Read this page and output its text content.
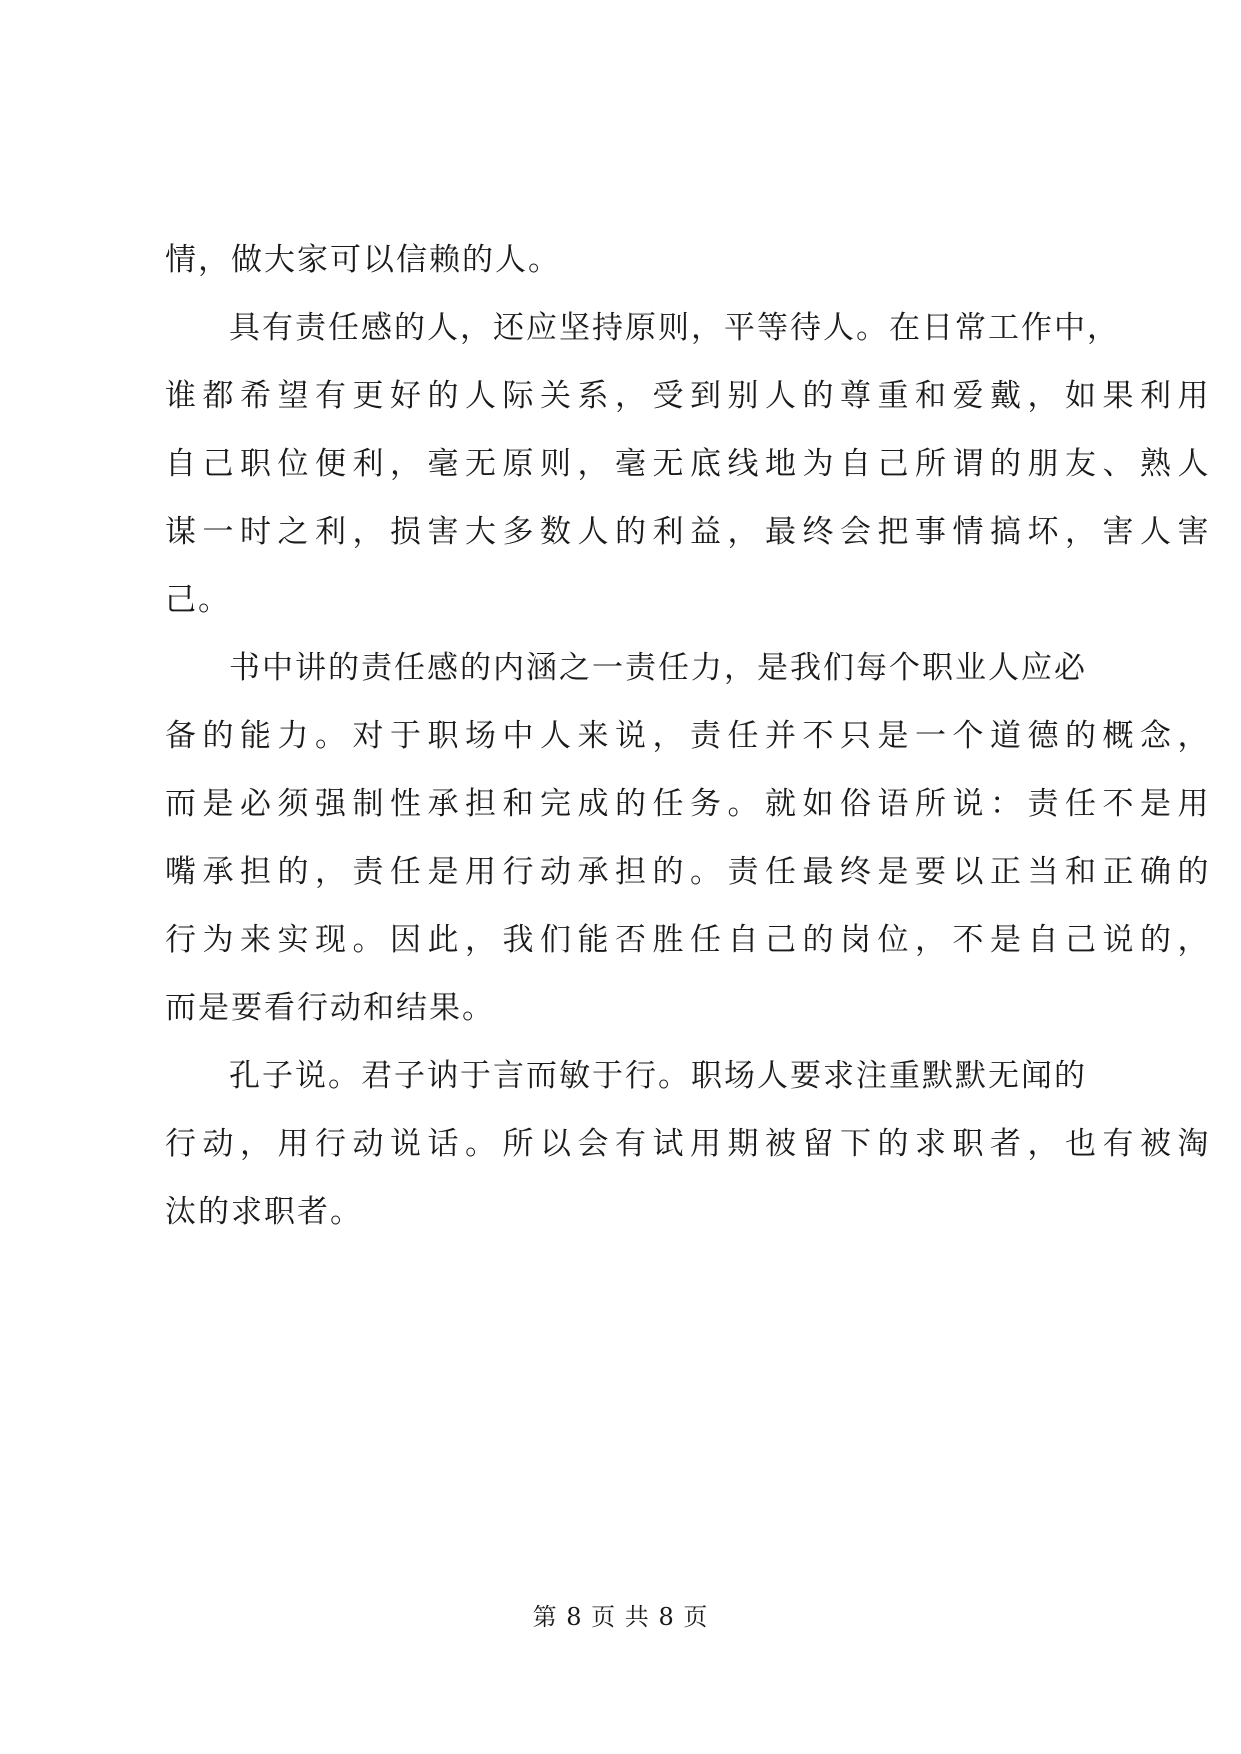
情，做大家可以信赖的人。
具有责任感的人，还应坚持原则，平等待人。在日常工作中，
谁都希望有更好的人际关系，受到别人的尊重和爱戴，如果利用
自己职位便利，毫无原则，毫无底线地为自己所谓的朋友、熟人
谋一时之利，损害大多数人的利益，最终会把事情搞坏，害人害
己。
书中讲的责任感的内涵之一责任力，是我们每个职业人应必
备的能力。对于职场中人来说，责任并不只是一个道德的概念，
而是必须强制性承担和完成的任务。就如俗语所说：责任不是用
嘴承担的，责任是用行动承担的。责任最终是要以正当和正确的
行为来实现。因此，我们能否胜任自己的岗位，不是自己说的，
而是要看行动和结果。
孔子说。君子讷于言而敏于行。职场人要求注重默默无闻的
行动，用行动说话。所以会有试用期被留下的求职者，也有被淘
汰的求职者。
第 8 页 共 8 页
